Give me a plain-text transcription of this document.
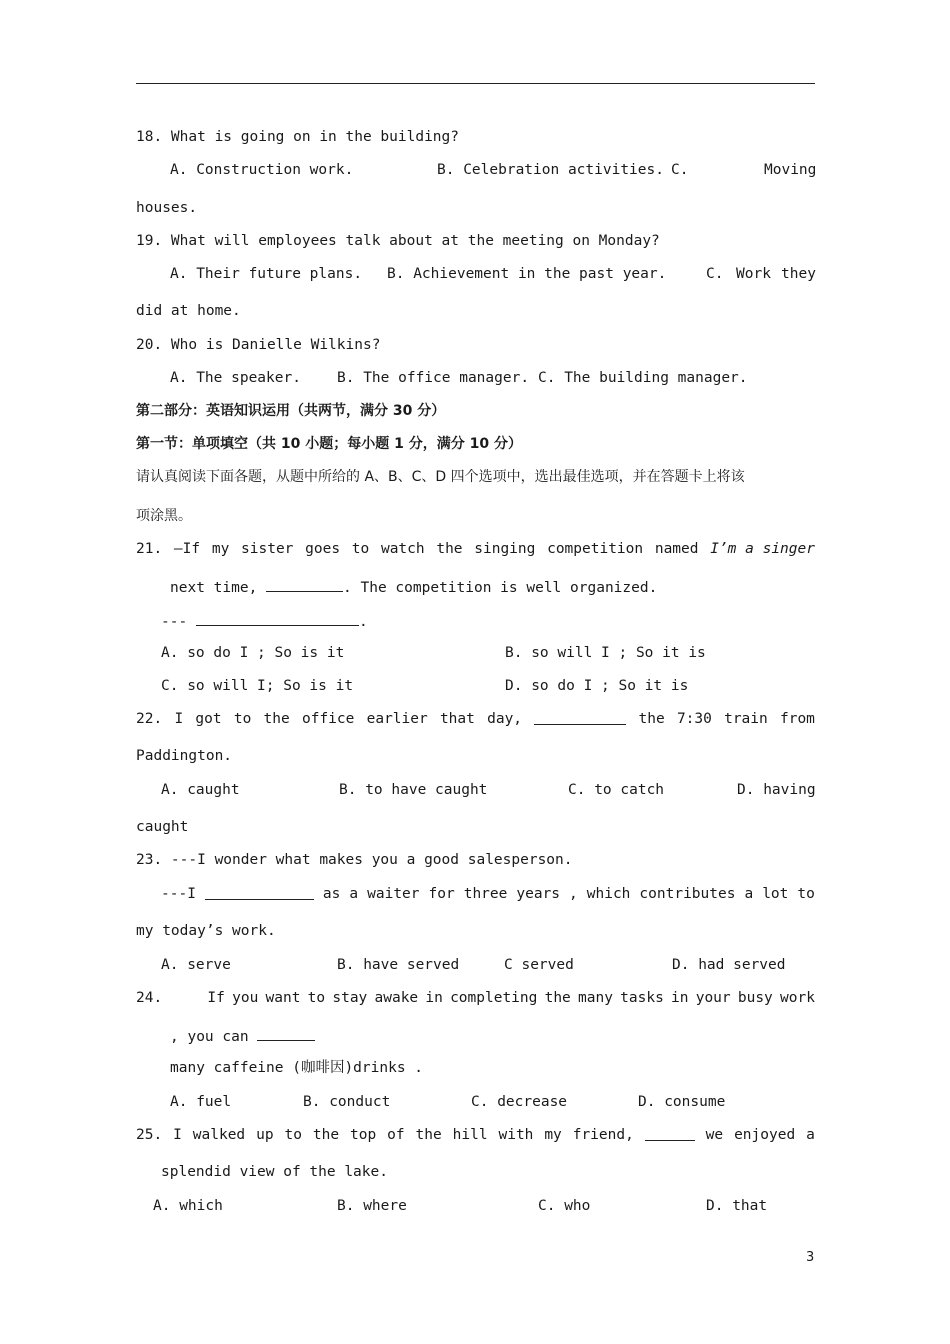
18. What is going on in the building?
A. Construction work.	B. Celebration activities. C.	Moving
houses.
19. What will employees talk about at the meeting on Monday?
A. Their future plans. B. Achievement in the past year.	C. Work they
did at home.
20. Who is Danielle Wilkins?
A. The speaker. B. The office manager. C. The building manager.
第二部分：英语知识运用（共两节，满分 30 分）
第一节：单项填空（共 10 小题；每小题 1 分，满分 10 分）
请认真阅读下面各题，从题中所给的 A、B、C、D 四个选项中，选出最佳选项，并在答题卡上将该
项涂黑。
21. –If my sister goes to watch the singing competition named I’m a singer
next time,	. The competition is well organized.
---	.
A. so do I ; So is it	B. so will I ; So it is
C. so will I; So is it	D. so do I ; So it is
22. I got to the office earlier that day,	the 7:30 train from
Paddington.
A. caught	B. to have caught	C. to catch	D. having
caught
23. ---I wonder what makes you a good salesperson.
---I	as a waiter for three years , which contributes a lot to
my today’s work.
A. serve	B. have served	C served	D. had served
24.	If you want to stay awake in completing the many tasks in your busy work
, you can
many caffeine (咖啡因)drinks .
A. fuel	B. conduct	C. decrease	D. consume
25. I walked up to the top of the hill with my friend,	we enjoyed a
splendid view of the lake.
A. which	B. where	C. who	D. that
3
